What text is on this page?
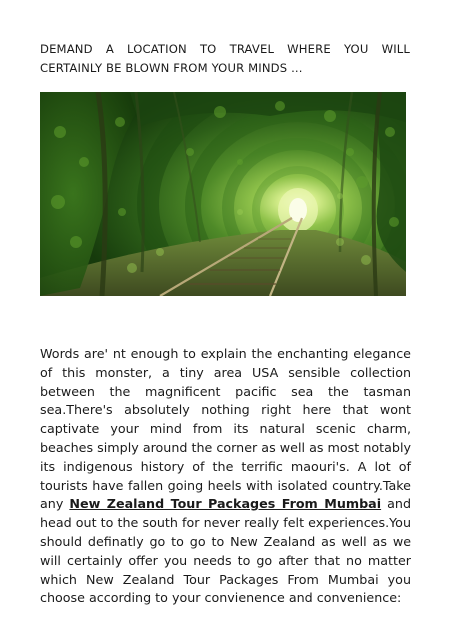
DEMAND A LOCATION TO TRAVEL WHERE YOU WILL CERTAINLY BE BLOWN FROM YOUR MINDS ...

Words are' nt enough to explain the enchanting elegance of this monster, a tiny area USA sensible collection between the magnificent pacific sea the tasman sea.There's absolutely nothing right here that wont captivate your mind from its natural scenic charm, beaches simply around the corner as well as most notably its indigenous history of the terrific maouri's. A lot of tourists have fallen going heels with isolated country.Take any New Zealand Tour Packages From Mumbai and head out to the south for never really felt experiences.You should definatly go to go to New Zealand as well as we will certainly offer you needs to go after that no matter which New Zealand Tour Packages From Mumbai you choose according to your convienence and convenience:
